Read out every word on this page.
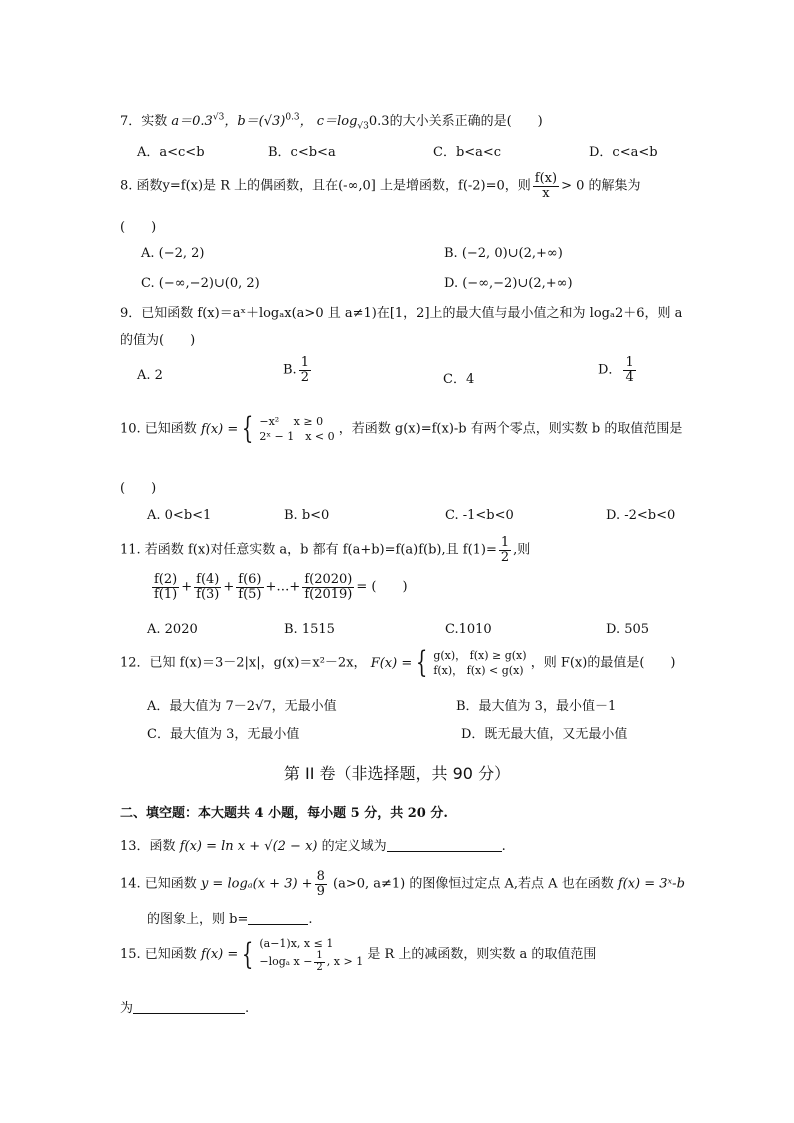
7．实数 $a=0.3^{√3}$，$b=(√3)^{0.3}$， $c=\log_{√3}0.3$的大小关系正确的是(　　)
A．a<c<b	B．c<b<a	C．b<a<c	D．c<a<b
8. 函数y=f(x)是 R 上的偶函数，且在(-∞,0] 上是增函数，f(-2)=0，则 $\frac{f(x)}{x} > 0$ 的解集为
(　　)
A. (−2, 2)	B. (−2, 0)∪(2,+∞)
C. (−∞,−2)∪(0, 2)	D. (−∞,−2)∪(2,+∞)
9．已知函数 f(x)＝aˣ＋logₐx(a>0 且 a≠1)在[1，2]上的最大值与最小值之和为 logₐ2＋6，则 a
的值为(　　)
A. 2	B. $\frac{1}{2}$	C．4
D． $\frac{1}{4}$
10. 已知函数 f(x) = { −x²　 x ≥ 0
2ˣ − 1　x < 0 ，若函数 g(x)=f(x)-b 有两个零点，则实数 b 的取值范围是
(　　)
A. 0<b<1	B. b<0	C. -1<b<0	D. -2<b<0
11. 若函数 f(x)对任意实数 a，b 都有 f(a+b)=f(a)f(b),且 $f(1)= \frac{1}{2}$ ,则
$\frac{f(2)}{f(1)} + \frac{f(4)}{f(3)} + \frac{f(6)}{f(5)}$ +…+ $\frac{f(2020)}{f(2019)}$ = (　　)
A. 2020	B. 1515	C.1010	D. 505
12．已知 f(x)＝3－2|x|，g(x)＝x²－2x， F(x) = { g(x)， f(x) ≥ g(x)
f(x)， f(x) < g(x) ，则 F(x)的最值是(　　)
A．最大值为 7－2√7，无最小值	B．最大值为 3，最小值－1
C．最大值为 3，无最小值	D．既无最大值，又无最小值
第 II 卷（非选择题，共 90 分）
二、填空题：本大题共 4 小题，每小题 5 分，共 20 分.
13．函数 f(x) = ln x + √(2 − x) 的定义域为	.
14. 已知函数 $y = \log_a(x + 3) + \frac{8}{9} (a>0$, a≠1) 的图像恒过定点 A,若点 A 也在函数 f(x) = 3ˣ-b
的图象上，则 b=	.
15. 已知函数 f(x) = { (a−1)x, x ≤ 1
−logₐ $x - \frac{1}{2}$ , x > 1 是 R 上的减函数，则实数 a 的取值范围
为	.
